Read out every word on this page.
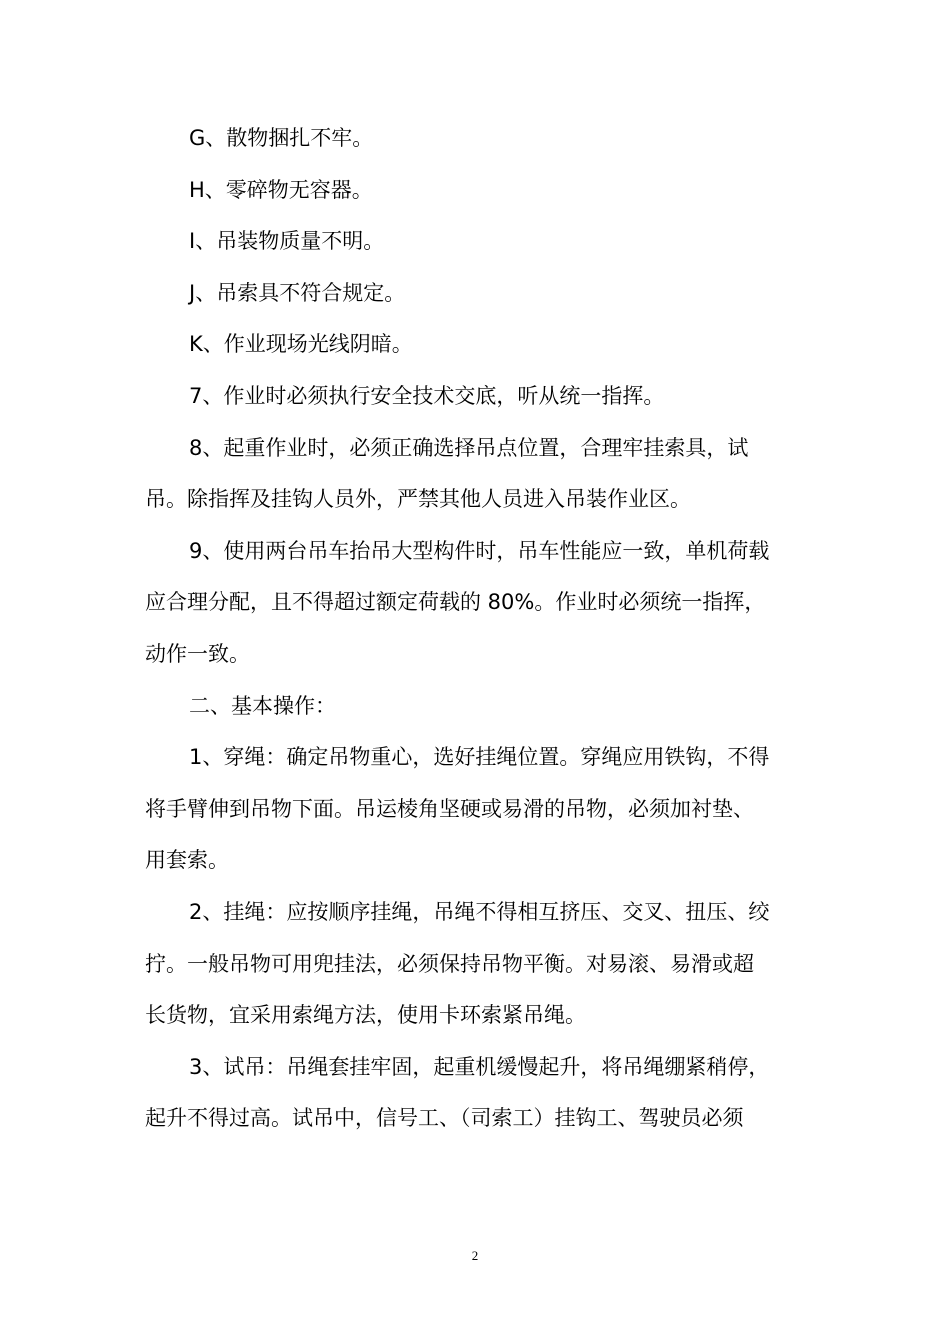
G、散物捆扎不牢。
H、零碎物无容器。
I、吊装物质量不明。
J、吊索具不符合规定。
K、作业现场光线阴暗。
7、作业时必须执行安全技术交底，听从统一指挥。
8、起重作业时，必须正确选择吊点位置，合理牢挂索具，试
吊。除指挥及挂钩人员外，严禁其他人员进入吊装作业区。
9、使用两台吊车抬吊大型构件时，吊车性能应一致，单机荷载
应合理分配，且不得超过额定荷载的 80%。作业时必须统一指挥，
动作一致。
二、基本操作：
1、穿绳：确定吊物重心，选好挂绳位置。穿绳应用铁钩，不得
将手臂伸到吊物下面。吊运棱角坚硬或易滑的吊物，必须加衬垫、
用套索。
2、挂绳：应按顺序挂绳，吊绳不得相互挤压、交叉、扭压、绞
拧。一般吊物可用兜挂法，必须保持吊物平衡。对易滚、易滑或超
长货物，宜采用索绳方法，使用卡环索紧吊绳。
3、试吊：吊绳套挂牢固，起重机缓慢起升，将吊绳绷紧稍停，
起升不得过高。试吊中，信号工、（司索工）挂钩工、驾驶员必须
2
